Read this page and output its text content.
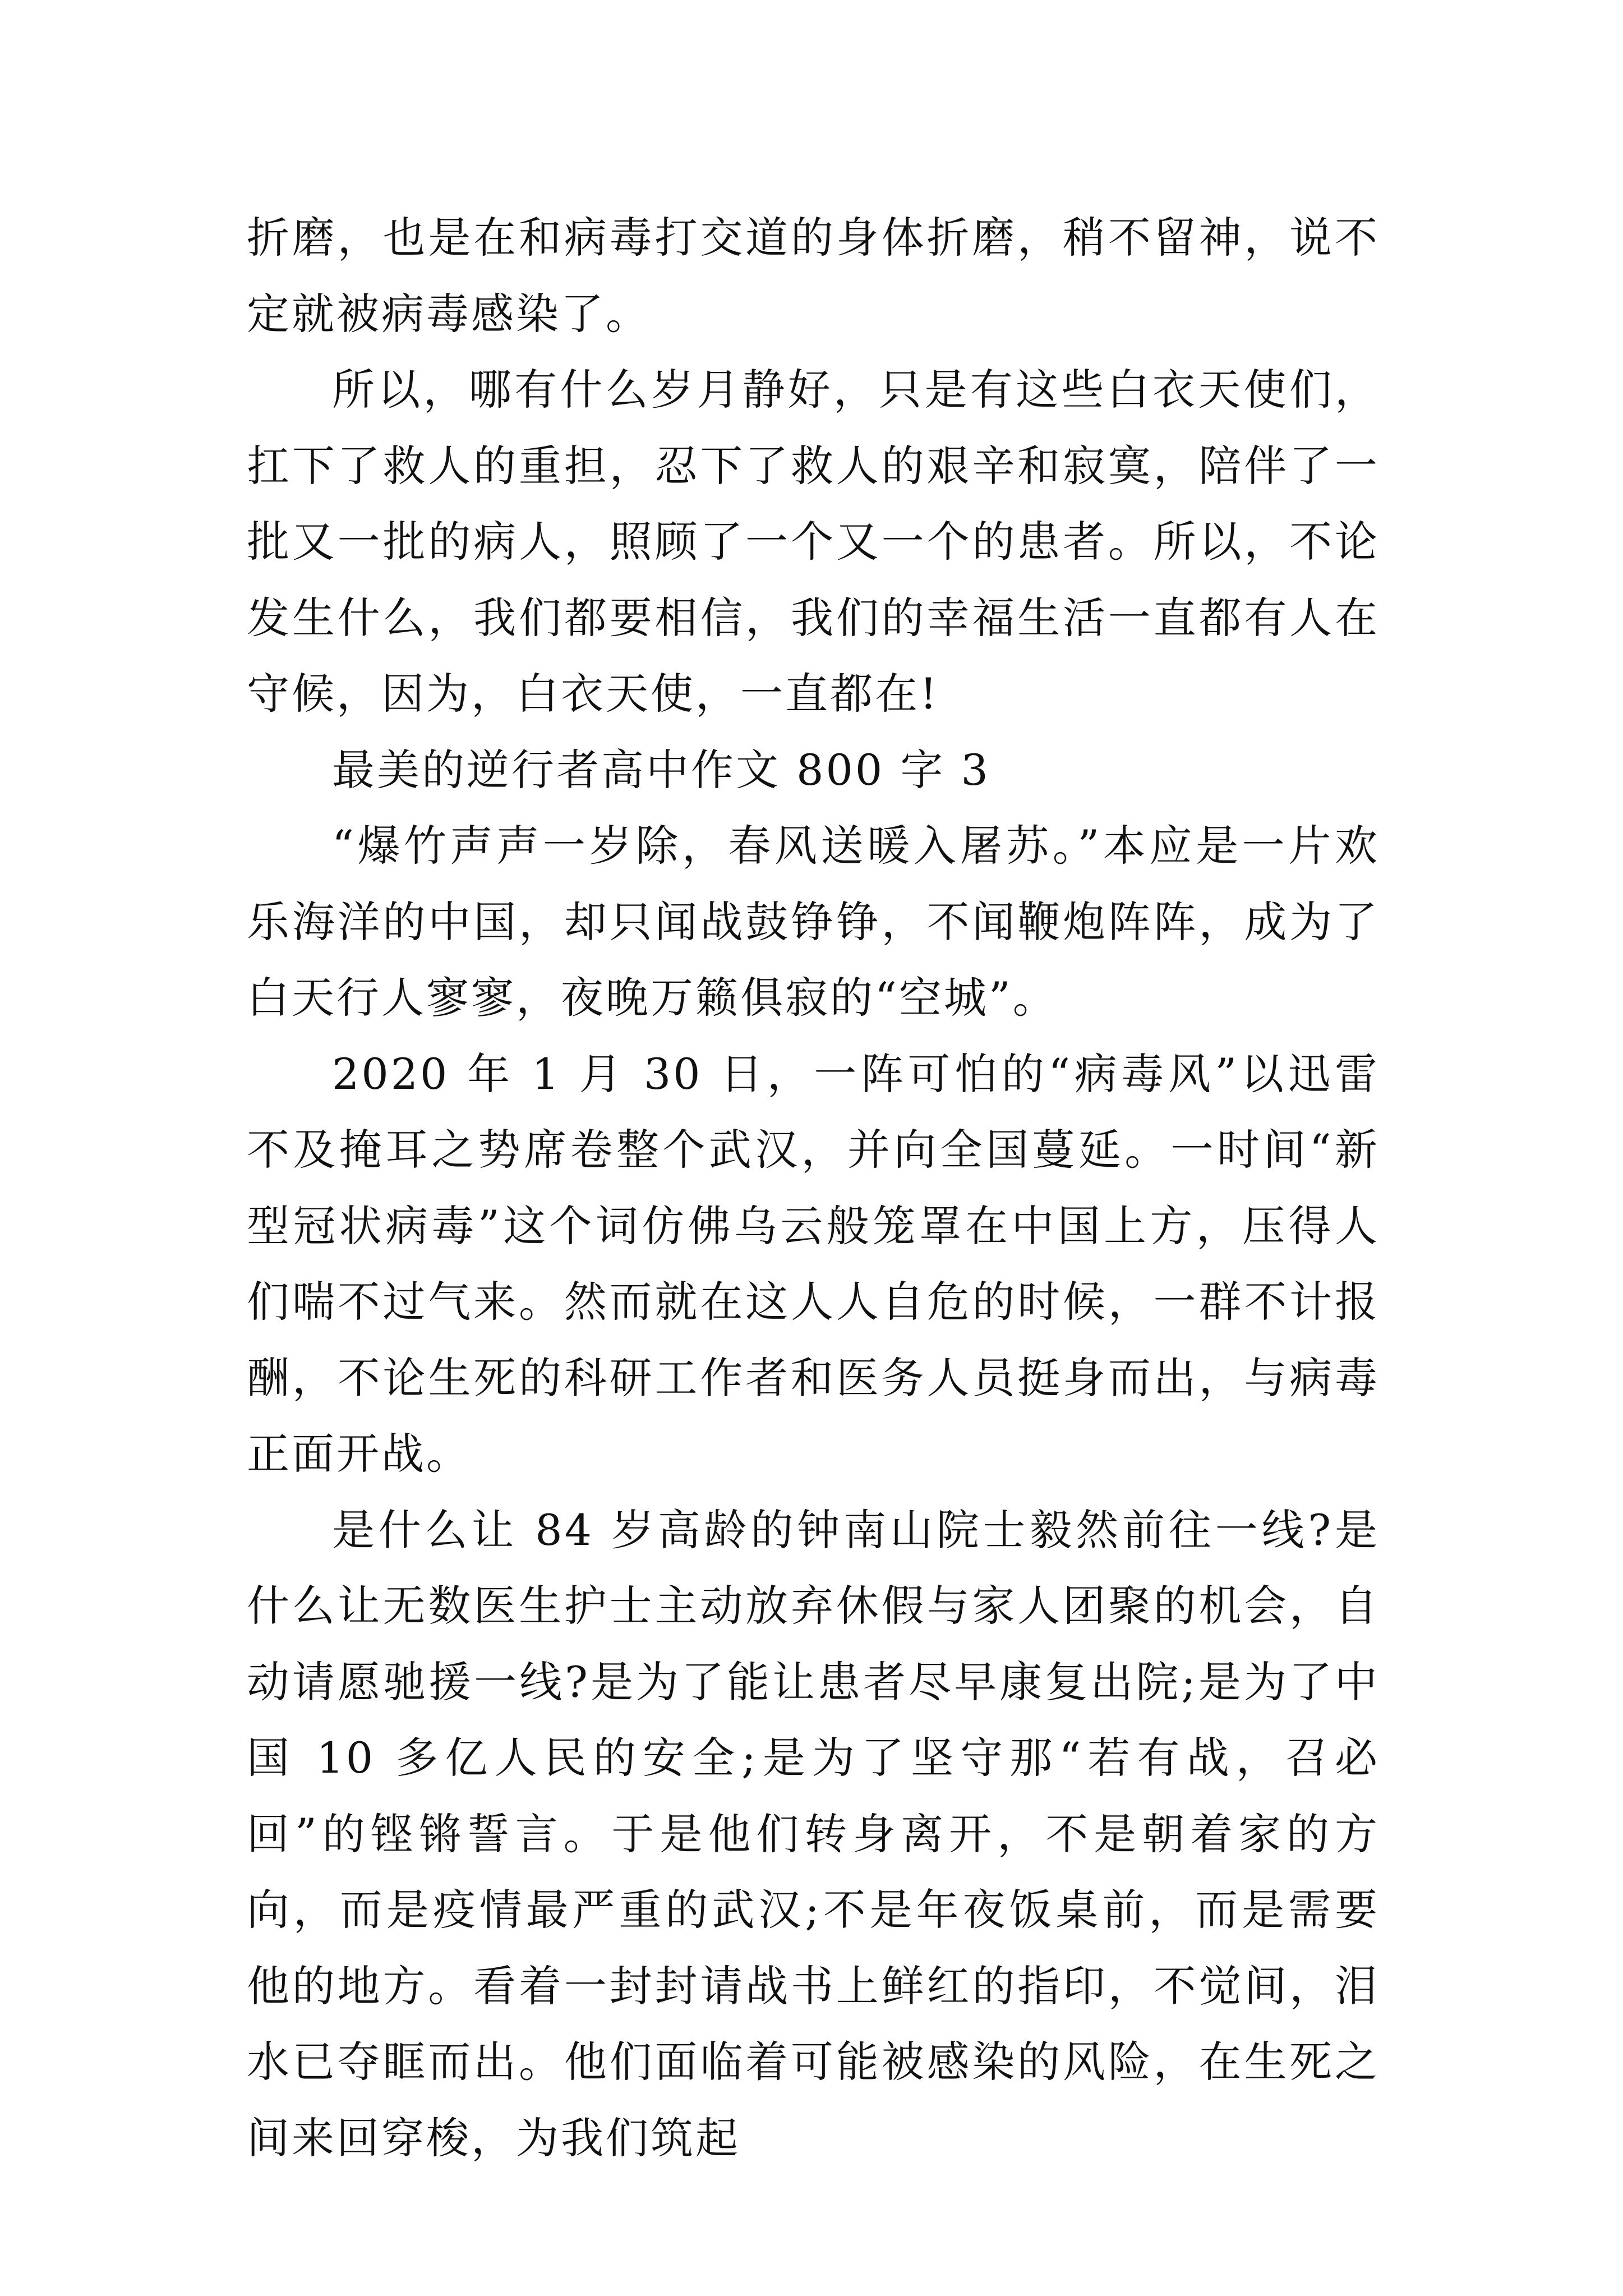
折磨，也是在和病毒打交道的身体折磨，稍不留神，说不定就被病毒感染了。

所以，哪有什么岁月静好，只是有这些白衣天使们，扛下了救人的重担，忍下了救人的艰辛和寂寞，陪伴了一批又一批的病人，照顾了一个又一个的患者。所以，不论发生什么，我们都要相信，我们的幸福生活一直都有人在守候，因为，白衣天使，一直都在!

最美的逆行者高中作文 800 字 3

“爆竹声声一岁除，春风送暖入屠苏。”本应是一片欢乐海洋的中国，却只闻战鼓铮铮，不闻鞭炮阵阵，成为了白天行人寥寥，夜晚万籁俱寂的“空城”。

2020 年 1 月 30 日，一阵可怕的“病毒风”以迅雷不及掩耳之势席卷整个武汉，并向全国蔓延。一时间“新型冠状病毒”这个词仿佛乌云般笼罩在中国上方，压得人们喘不过气来。然而就在这人人自危的时候，一群不计报酬，不论生死的科研工作者和医务人员挺身而出，与病毒正面开战。

是什么让 84 岁高龄的钟南山院士毅然前往一线?是什么让无数医生护士主动放弃休假与家人团聚的机会，自动请愿驰援一线?是为了能让患者尽早康复出院;是为了中国 10 多亿人民的安全;是为了坚守那“若有战，召必回”的铿锵誓言。于是他们转身离开，不是朝着家的方向，而是疫情最严重的武汉;不是年夜饭桌前，而是需要他的地方。看着一封封请战书上鲜红的指印，不觉间，泪水已夺眶而出。他们面临着可能被感染的风险，在生死之间来回穿梭，为我们筑起
